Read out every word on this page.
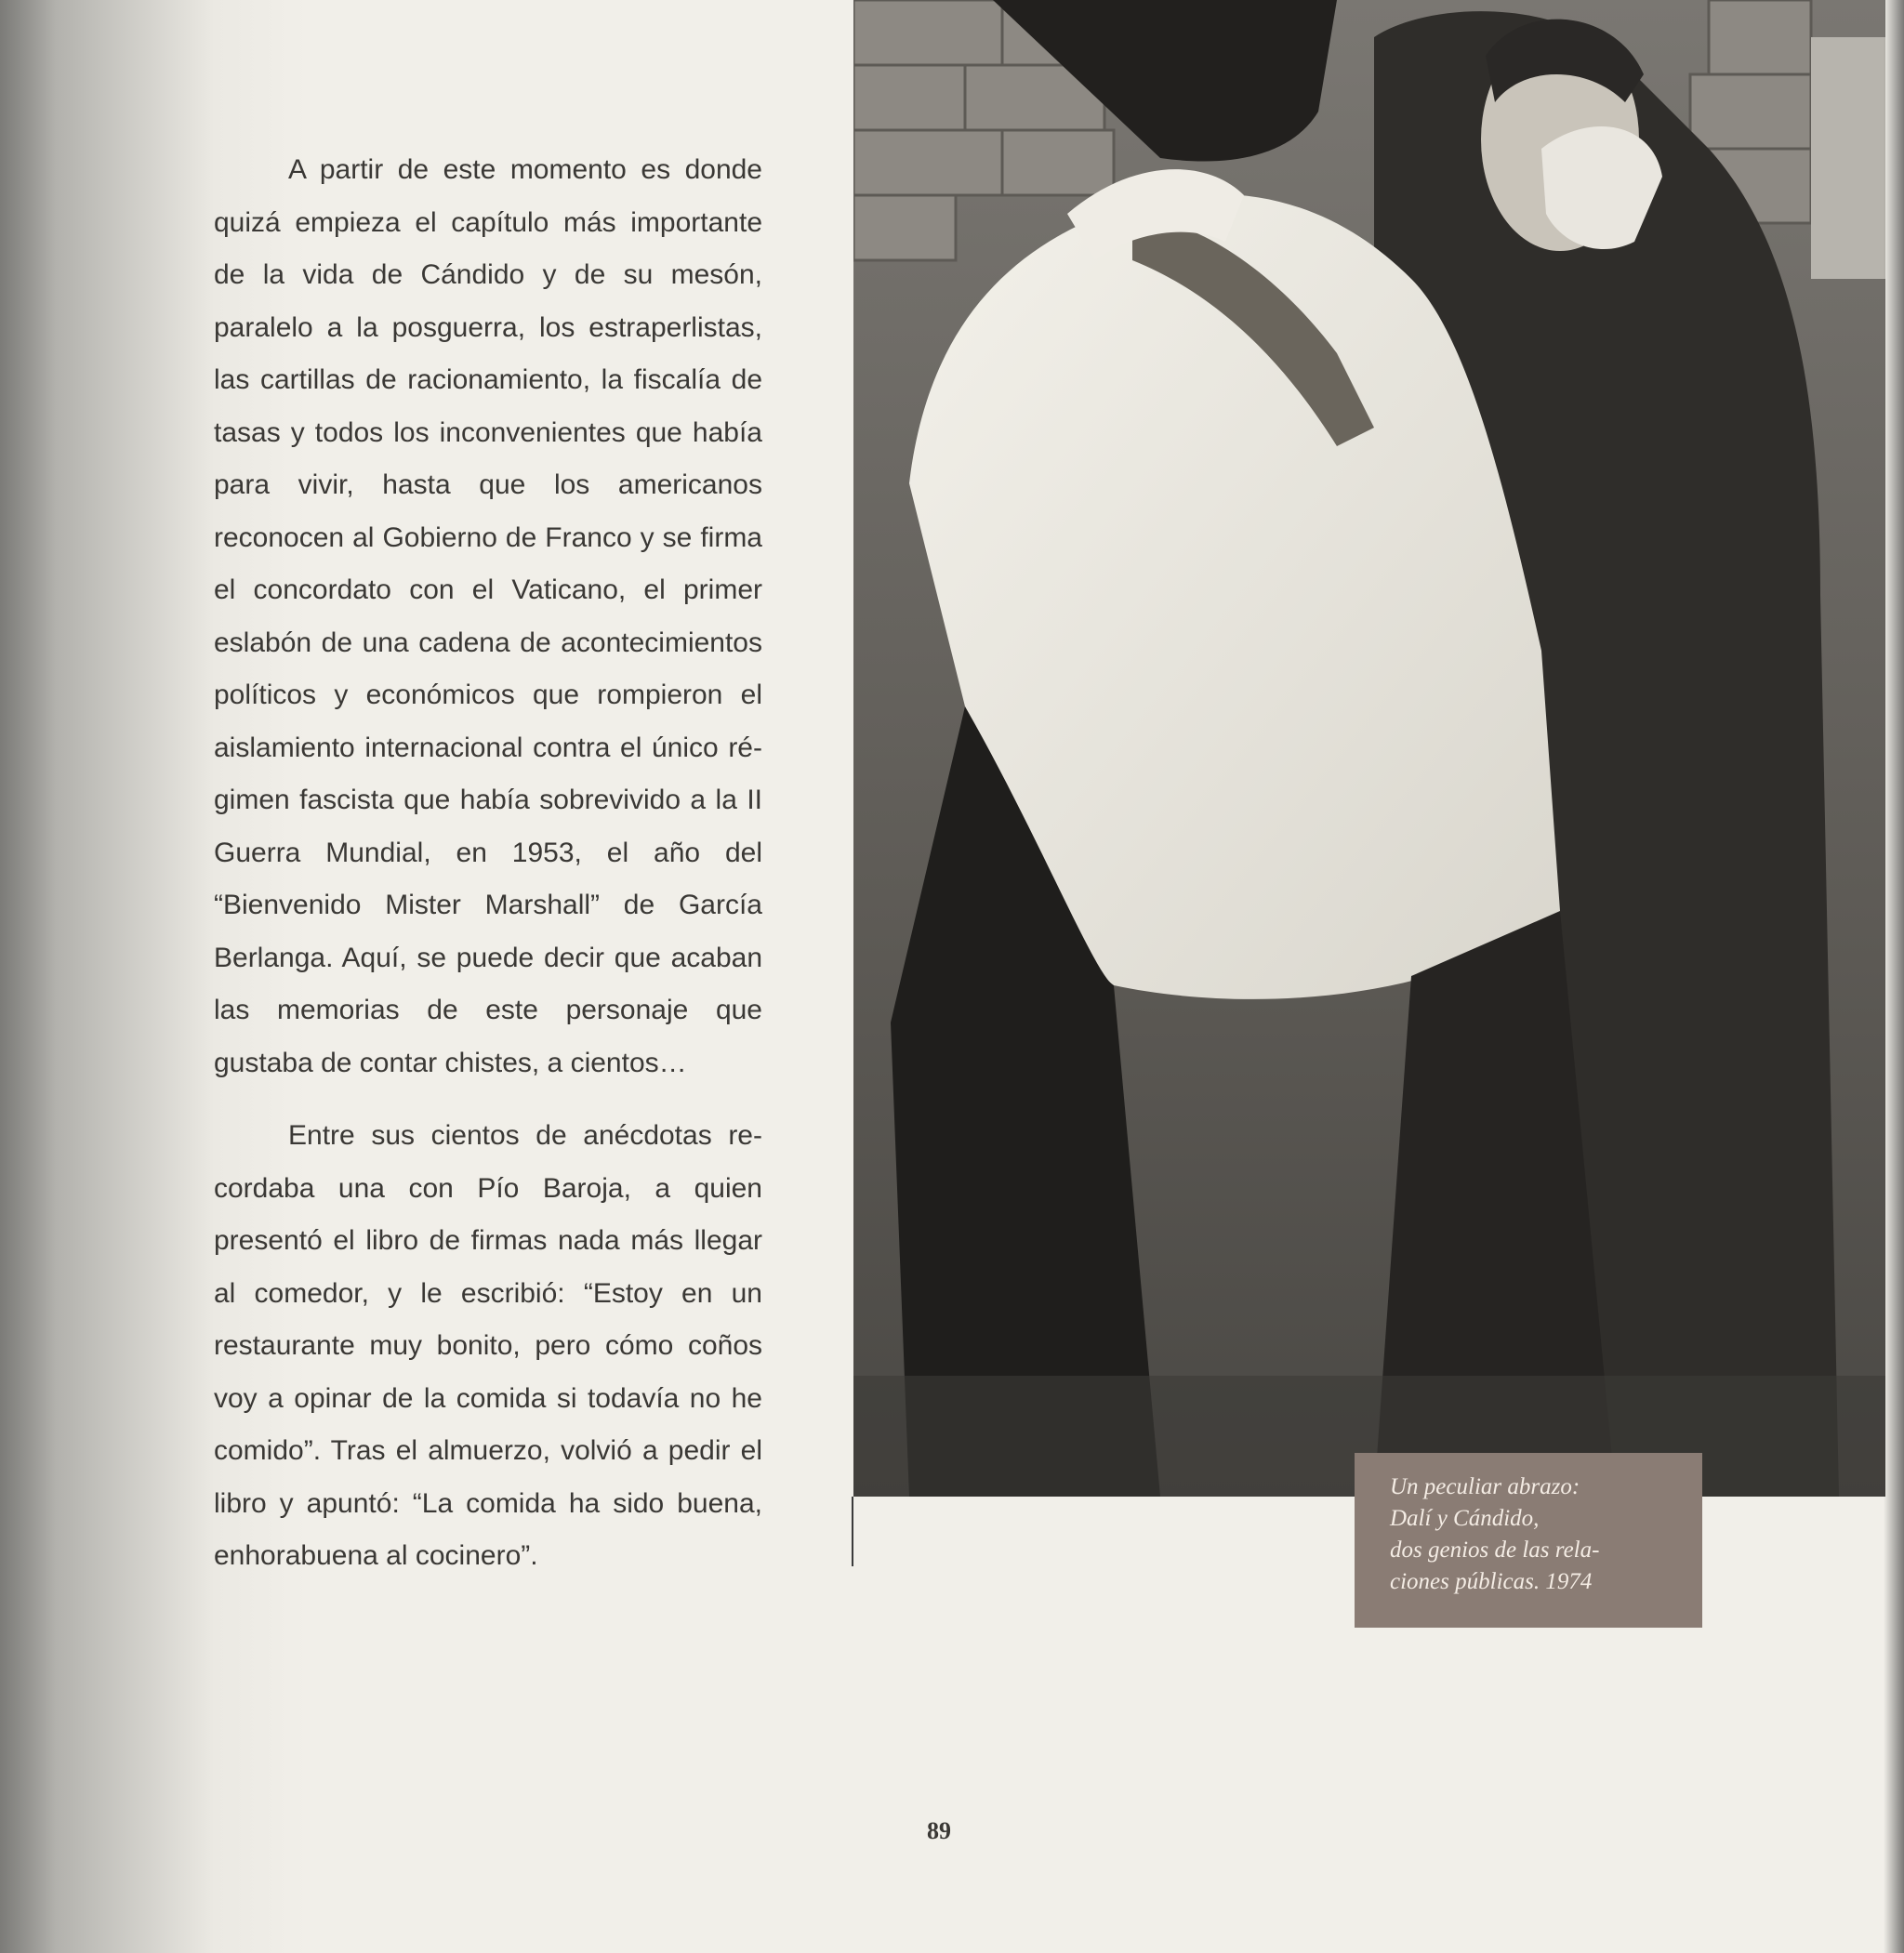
A partir de este momento es donde quizá empieza el capítulo más importante de la vida de Cándido y de su mesón, paralelo a la posguerra, los estraperlistas, las cartillas de racionamiento, la fiscalía de tasas y todos los inconvenientes que había para vivir, hasta que los americanos reconocen al Gobierno de Franco y se firma el concordato con el Vaticano, el primer eslabón de una cadena de acontecimientos políticos y económicos que rompieron el aislamiento internacional contra el único régimen fascista que había sobrevivido a la II Guerra Mundial, en 1953, el año del “Bienvenido Mister Marshall” de García Berlanga. Aquí, se puede decir que acaban las memorias de este personaje que gustaba de contar chistes, a cientos…

Entre sus cientos de anécdotas recordaba una con Pío Baroja, a quien presentó el libro de firmas nada más llegar al comedor, y le escribió: “Estoy en un restaurante muy bonito, pero cómo coños voy a opinar de la comida si todavía no he comido”. Tras el almuerzo, volvió a pedir el libro y apuntó: “La comida ha sido buena, enhorabuena al cocinero”.

Un peculiar abrazo:
Dalí y Cándido,
dos genios de las rela-
ciones públicas. 1974
89
